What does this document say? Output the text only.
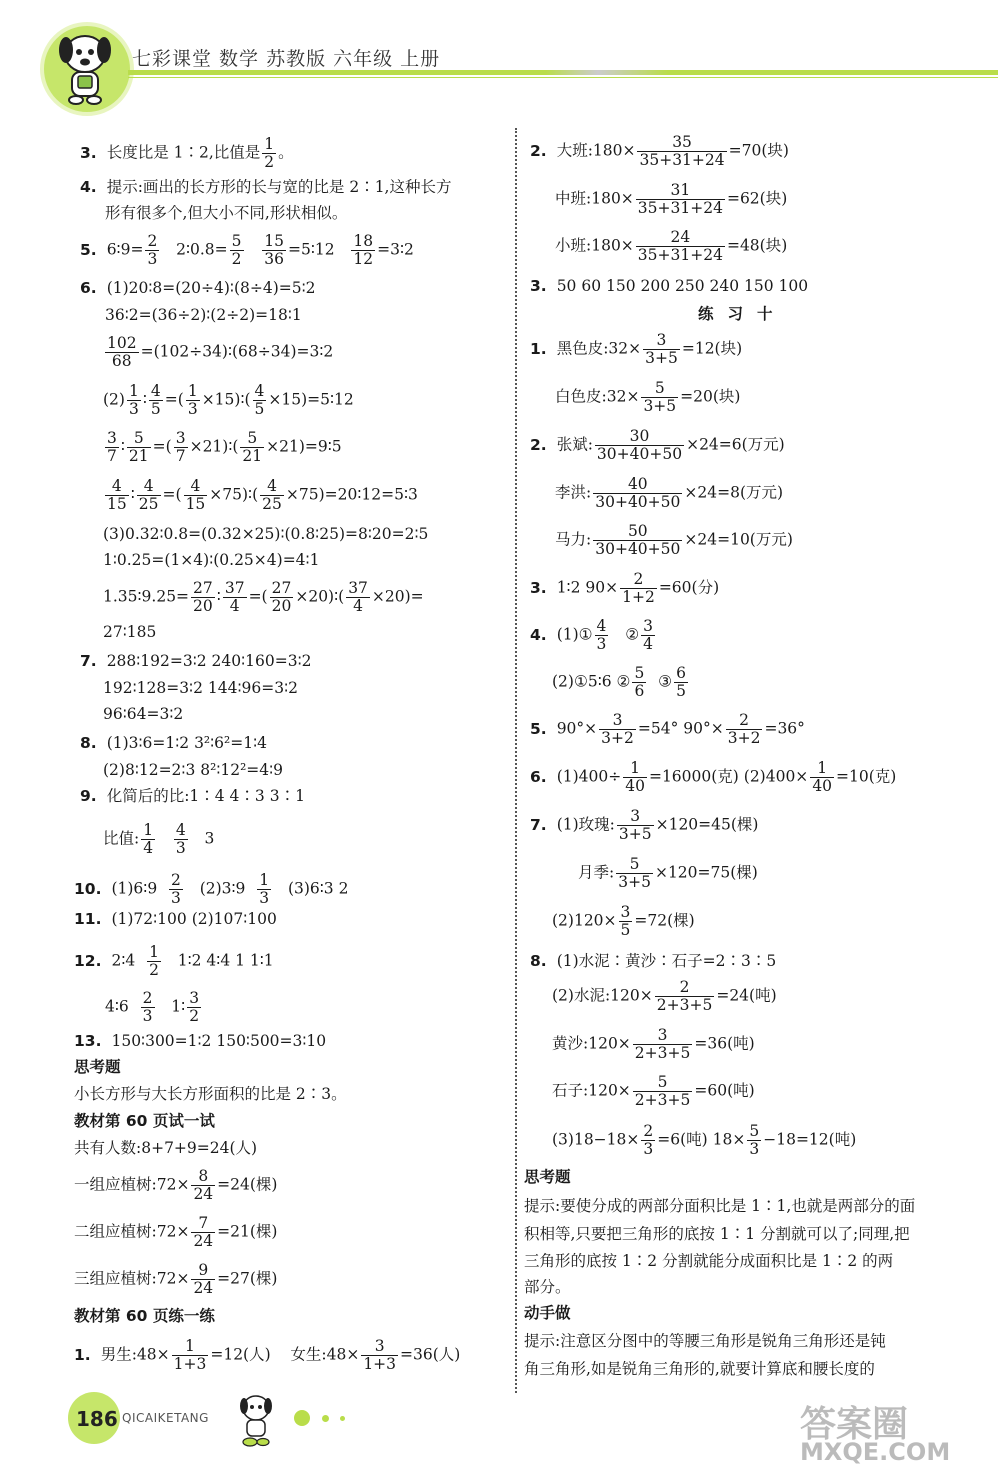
七彩课堂 数学 苏教版 六年级 上册
3. 长度比是 1∶2,比值是 $\frac{1}{2}$ 。
4. 提示:画出的长方形的长与宽的比是 2∶1,这种长方
形有很多个,但大小不同,形状相似。
5. 6∶9= $\frac{2}{3}$ 2∶0.8= $\frac{5}{2}$
$\frac{15}{36}$ =5∶12 $\frac{18}{12}$ =3∶2
6. (1)20∶8=(20÷4)∶(8÷4)=5∶2
36∶2=(36÷2)∶(2÷2)=18∶1
$\frac{102}{68}$ =(102÷34)∶(68÷34)=3∶2
$(2) \frac{1}{3}$ ∶ $\frac{4}{5}$ =( $\frac{1}{3}$ ×15)∶( $\frac{4}{5}$ ×15)=5∶12
$\frac{3}{7}$ ∶ $\frac{5}{21}$ =( $\frac{3}{7}$ ×21)∶( $\frac{5}{21}$ ×21)=9∶5
$\frac{4}{15}$ ∶ $\frac{4}{25}$ =( $\frac{4}{15}$ ×75)∶( $\frac{4}{25}$ ×75)=20∶12=5∶3
(3)0.32∶0.8=(0.32×25)∶(0.8∶25)=8∶20=2∶5
1∶0.25=(1×4)∶(0.25×4)=4∶1
1.35∶9.25= $\frac{27}{20}$ ∶ $\frac{37}{4}$ =( $\frac{27}{20}$ ×20)∶( $\frac{37}{4} \times 20)=$
27∶185
7. 288∶192=3∶2 240∶160=3∶2
192∶128=3∶2 144∶96=3∶2
96∶64=3∶2
8. (1)3∶6=1∶2 3²∶6²=1∶4
(2)8∶12=2∶3 8²∶12²=4∶9
9. 化简后的比:1∶4 4∶3 3∶1
比值: $\frac{1}{4}$
$\frac{4}{3} 3$
10. (1)6∶9 $\frac{2}{3}$ (2)3∶9 $\frac{1}{3}$ (3)6∶3 2
11. (1)72∶100 (2)107∶100
12. 2∶4 $\frac{1}{2}$ 1∶2 4∶4 1 1∶1
4∶6 $\frac{2}{3}$ 1∶ $\frac{3}{2}$
13. 150∶300=1∶2 150∶500=3∶10
思考题
小长方形与大长方形面积的比是 2∶3。
教材第 60 页试一试
共有人数:8+7+9=24(人)
一组应植树:72× $\frac{8}{24} =24$(棵)
二组应植树:72× $\frac{7}{24} =21$(棵)
三组应植树:72× $\frac{9}{24} =27$(棵)
教材第 60 页练一练
1. 男生:48× $\frac{1}{1+3} =12$(人) 女生:48× $\frac{3}{1+3} =36$(人)
2. 大班:180× $\frac{35}{35+31+24} =70$(块)
中班:180× $\frac{31}{35+31+24} =62$(块)
小班:180× $\frac{24}{35+31+24} =48$(块)
3. 50 60 150 200 250 240 150 100
练习十
1. 黑色皮:32× $\frac{3}{3+5} =12$(块)
白色皮:32× $\frac{5}{3+5} =20$(块)
2. 张斌: $\frac{30}{30+40+50} \times 24=6$(万元)
李洪: $\frac{40}{30+40+50} \times 24=8$(万元)
马力: $\frac{50}{30+40+50} \times 24=10$(万元)
3. 1∶2 $90\times \frac{2}{1+2} =60$(分)
4. (1)① $\frac{4}{3}$ ② $\frac{3}{4}$
(2)①5∶6 ② $\frac{5}{6}$ ③ $\frac{6}{5}$
5. $90^\circ\times \frac{3}{3+2} =54^\circ$ $90^\circ\times \frac{2}{3+2} =36^\circ$
6. $(1)400\div \frac{1}{40} =16000$(克) $(2)400\times \frac{1}{40} =10$(克)
7. (1)玫瑰: $\frac{3}{3+5} \times 120=45$(棵)
月季: $\frac{5}{3+5} \times 120=75$(棵)
$(2)120\times \frac{3}{5} =72$(棵)
8. (1)水泥∶黄沙∶石子=2∶3∶5
(2)水泥:120× $\frac{2}{2+3+5} =24$(吨)
黄沙:120× $\frac{3}{2+3+5} =36$(吨)
石子:120× $\frac{5}{2+3+5} =60$(吨)
$(3)18-18\times \frac{2}{3} =6$(吨) $18\times \frac{5}{3} -18=12$(吨)
思考题
提示:要使分成的两部分面积比是 1∶1,也就是两部分的面
积相等,只要把三角形的底按 1∶1 分割就可以了;同理,把
三角形的底按 1∶2 分割就能分成面积比是 1∶2 的两
部分。
动手做
提示:注意区分图中的等腰三角形是锐角三角形还是钝
角三角形,如是锐角三角形的,就要计算底和腰长度的
186 QICAIKETANG	答案圈
MXQE.COM
